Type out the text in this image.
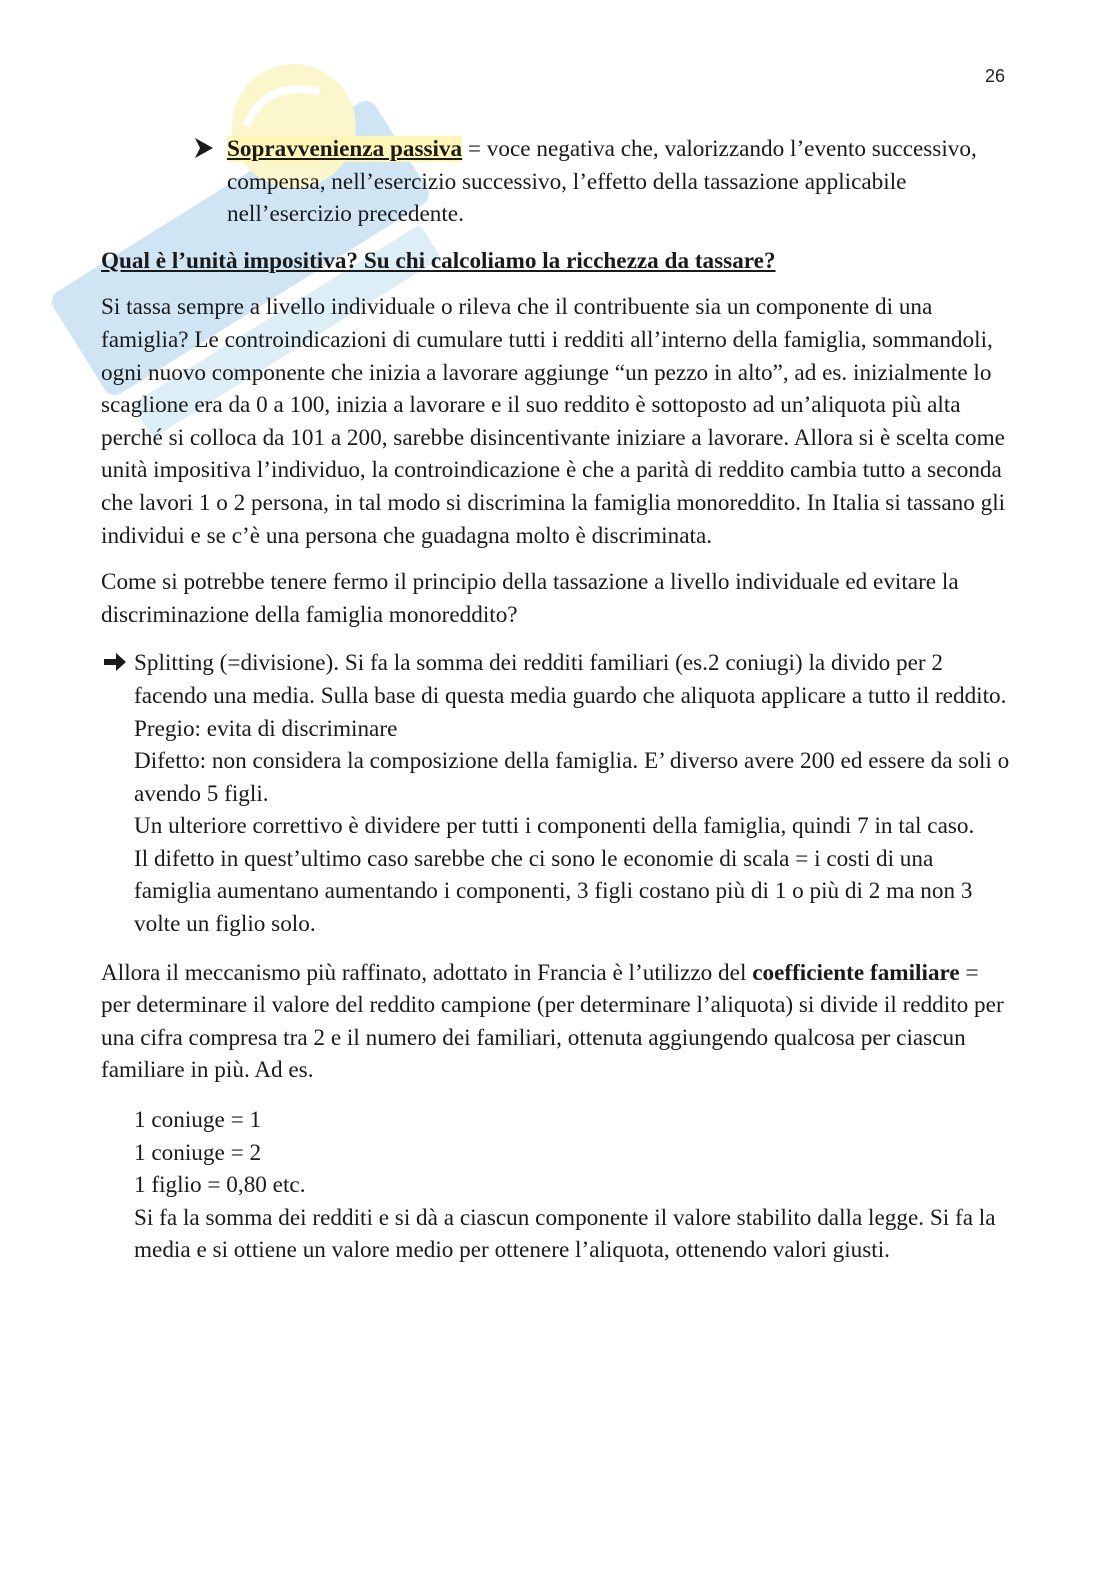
26

Sopravvenienza passiva = voce negativa che, valorizzando l’evento successivo, compensa, nell’esercizio successivo, l’effetto della tassazione applicabile nell’esercizio precedente.

Qual è l’unità impositiva? Su chi calcoliamo la ricchezza da tassare?

Si tassa sempre a livello individuale o rileva che il contribuente sia un componente di una famiglia? Le controindicazioni di cumulare tutti i redditi all’interno della famiglia, sommandoli, ogni nuovo componente che inizia a lavorare aggiunge “un pezzo in alto”, ad es. inizialmente lo scaglione era da 0 a 100, inizia a lavorare e il suo reddito è sottoposto ad un’aliquota più alta perché si colloca da 101 a 200, sarebbe disincentivante iniziare a lavorare. Allora si è scelta come unità impositiva l’individuo, la controindicazione è che a parità di reddito cambia tutto a seconda che lavori 1 o 2 persona, in tal modo si discrimina la famiglia monoreddito. In Italia si tassano gli individui e se c’è una persona che guadagna molto è discriminata.

Come si potrebbe tenere fermo il principio della tassazione a livello individuale ed evitare la discriminazione della famiglia monoreddito?

Splitting (=divisione). Si fa la somma dei redditi familiari (es.2 coniugi) la divido per 2 facendo una media. Sulla base di questa media guardo che aliquota applicare a tutto il reddito.

Pregio: evita di discriminare

Difetto: non considera la composizione della famiglia. E’ diverso avere 200 ed essere da soli o avendo 5 figli.

Un ulteriore correttivo è dividere per tutti i componenti della famiglia, quindi 7 in tal caso.

Il difetto in quest’ultimo caso sarebbe che ci sono le economie di scala = i costi di una famiglia aumentano aumentando i componenti, 3 figli costano più di 1 o più di 2 ma non 3 volte un figlio solo.

Allora il meccanismo più raffinato, adottato in Francia è l’utilizzo del coefficiente familiare = per determinare il valore del reddito campione (per determinare l’aliquota) si divide il reddito per una cifra compresa tra 2 e il numero dei familiari, ottenuta aggiungendo qualcosa per ciascun familiare in più. Ad es.

1 coniuge = 1

1 coniuge = 2

1 figlio = 0,80 etc.

Si fa la somma dei redditi e si dà a ciascun componente il valore stabilito dalla legge. Si fa la media e si ottiene un valore medio per ottenere l’aliquota, ottenendo valori giusti.
